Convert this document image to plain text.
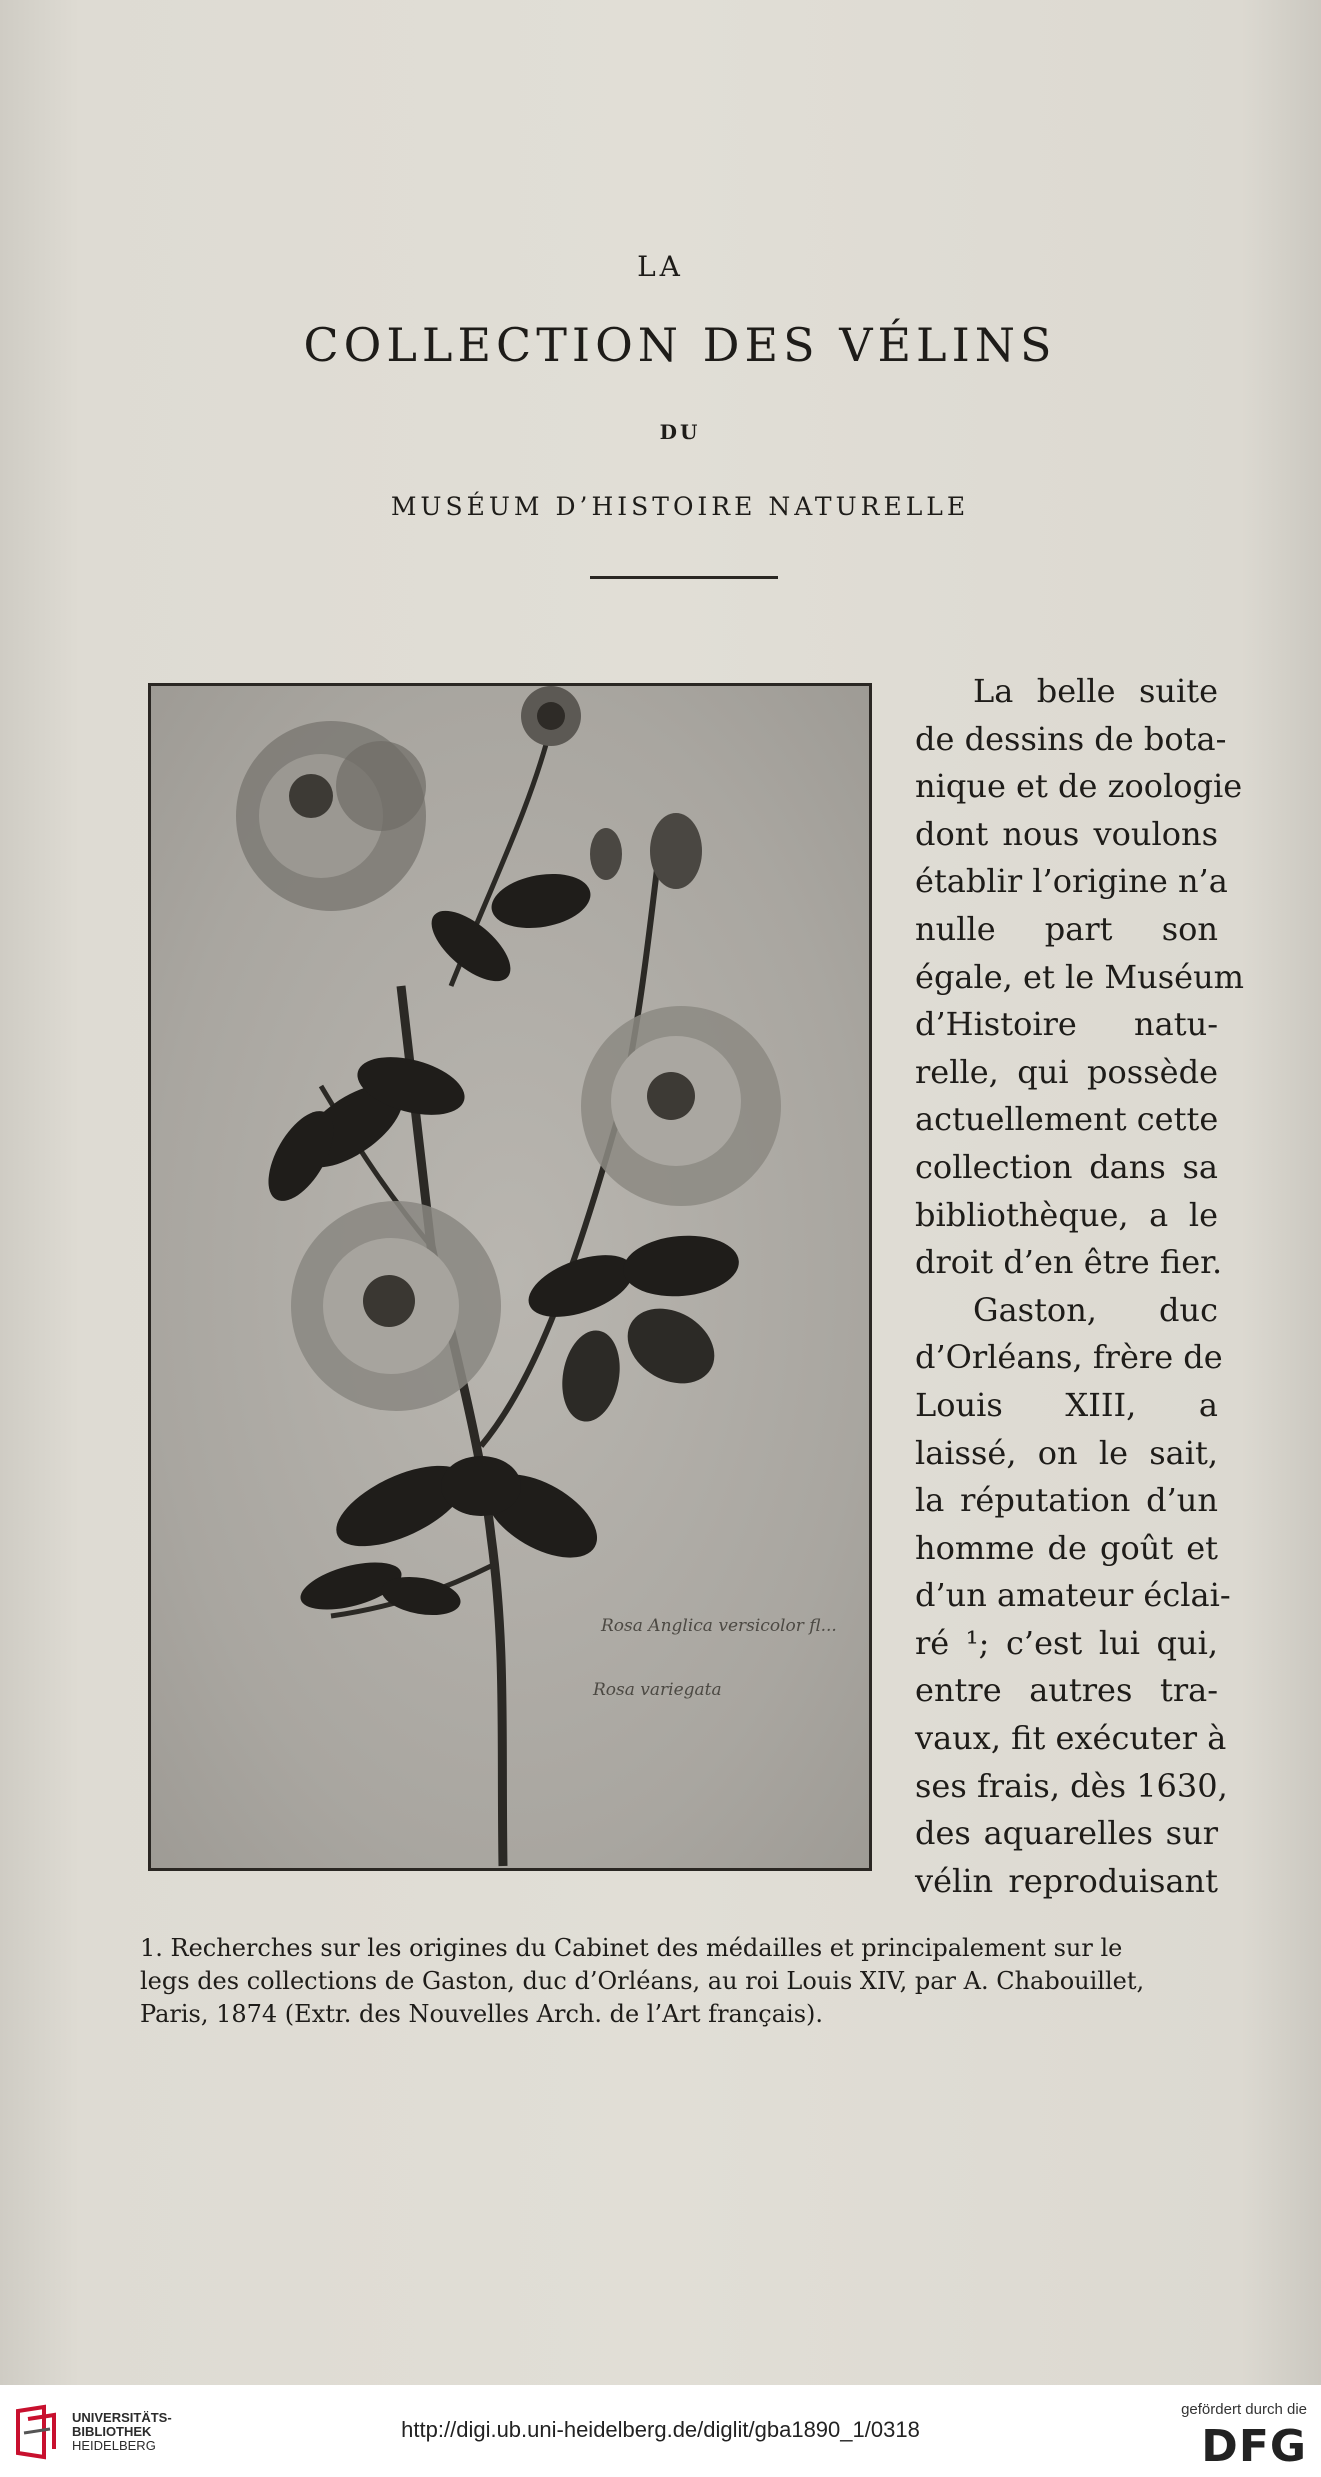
LA
COLLECTION DES VÉLINS
DU
MUSÉUM D’HISTOIRE NATURELLE
Rosa Anglica versicolor fl...
Rosa variegata
La belle suite
de dessins de bota-
nique et de zoologie
dont nous voulons
établir l’origine n’a
nulle part son
égale, et le Muséum
d’Histoire natu-
relle, qui possède
actuellement cette
collection dans sa
bibliothèque, a le
droit d’en être fier.
Gaston, duc
d’Orléans, frère de
Louis XIII, a
laissé, on le sait,
la réputation d’un
homme de goût et
d’un amateur éclai-
ré ¹; c’est lui qui,
entre autres tra-
vaux, fit exécuter à
ses frais, dès 1630,
des aquarelles sur
vélin reproduisant
1. Recherches sur les origines du Cabinet des médailles et principalement sur le
legs des collections de Gaston, duc d’Orléans, au roi Louis XIV, par A. Chabouillet,
Paris, 1874 (Extr. des Nouvelles Arch. de l’Art français).
UNIVERSITÄTS-
BIBLIOTHEK
HEIDELBERG
http://digi.ub.uni-heidelberg.de/diglit/gba1890_1/0318
gefördert durch die
DFG
